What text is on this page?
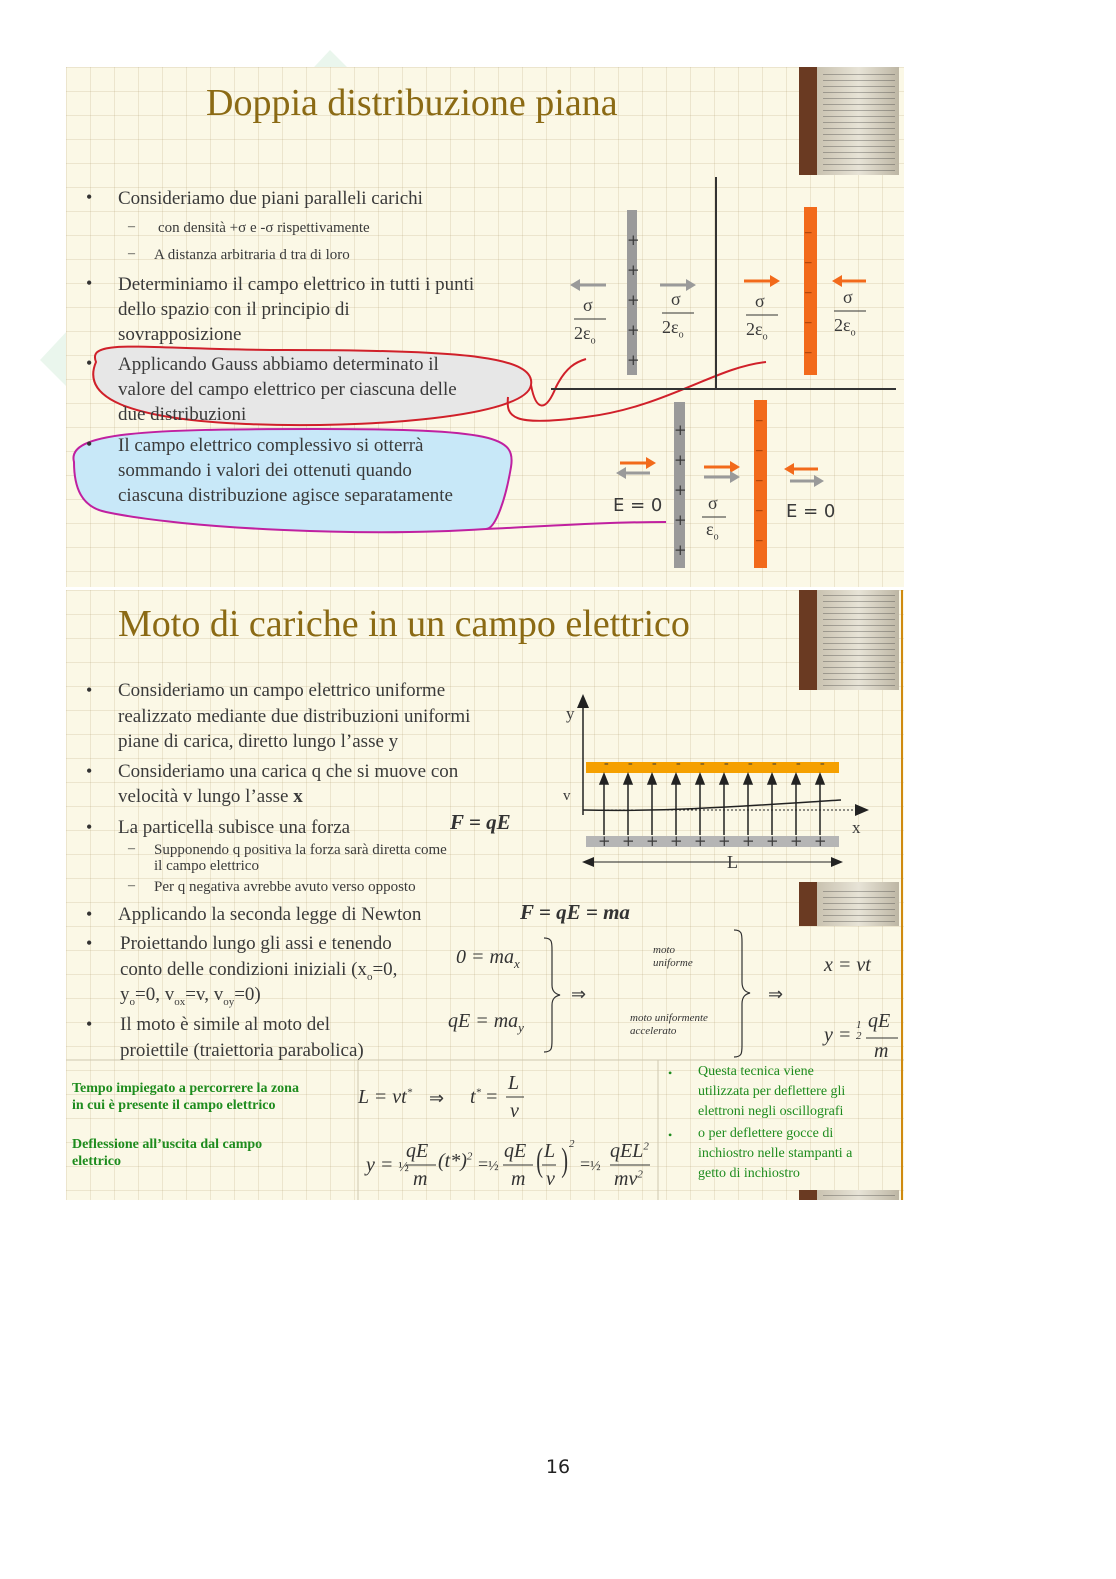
Doppia distribuzione piana
• Consideriamo due piani paralleli carichi
– con densità +σ e -σ rispettivamente
– A distanza arbitraria d tra di loro
• Determiniamo il campo elettrico in tutti i punti
dello spazio con il principio di
sovrapposizione
• Applicando Gauss abbiamo determinato il
valore del campo elettrico per ciascuna delle
due distribuzioni
• Il campo elettrico complessivo si otterrà
sommando i valori dei ottenuti quando
ciascuna distribuzione agisce separatamente
+
+
+
+
+
–
–
–
–
–
σ
$2\varepsilon_o$
σ
$2\varepsilon_o$
σ
$2\varepsilon_o$
σ
$2\varepsilon_o$
+
+
+
+
+
–
–
–
–
–
E = 0	σ
$\varepsilon_o$
E = 0
Moto di cariche in un campo elettrico
y
v
x
- - - - - - - - - -
+ + + + + + + + + +
L
• Consideriamo un campo elettrico uniforme
realizzato mediante due distribuzioni uniformi
piane di carica, diretto lungo l’asse y
• Consideriamo una carica q che si muove con
velocità v lungo l’asse x
• La particella subisce una forza	F = qE
– Supponendo q positiva la forza sarà diretta come
il campo elettrico
– Per q negativa avrebbe avuto verso opposto
• Applicando la seconda legge di Newton	F = qE = ma
• Proiettando lungo gli assi e tenendo
conto delle condizioni iniziali ($x_o=0$,
$y_o=0$, $v_{ox}=v$, $v_{oy}=0$)
• Il moto è simile al moto del
proiettile (traiettoria parabolica)
$0 = ma_x$
qE = $ma_y$
⇒
moto
uniforme
moto uniformente
accelerato
⇒
x = vt
y = 1
2
qE
m
Tempo impiegato a percorrere la zona
in cui è presente il campo elettrico
Deflessione all’uscita dal campo
elettrico
L = vt* ⇒ t* =
L
v
y = ½
qE
m
$(t*)^2$ =½
qE
m ( L
v ) 2
=½
qEL$^2$
$mv^2$
• Questa tecnica viene
utilizzata per deflettere gli
elettroni negli oscillografi
• o per deflettere gocce di
inchiostro nelle stampanti a
getto di inchiostro
16
